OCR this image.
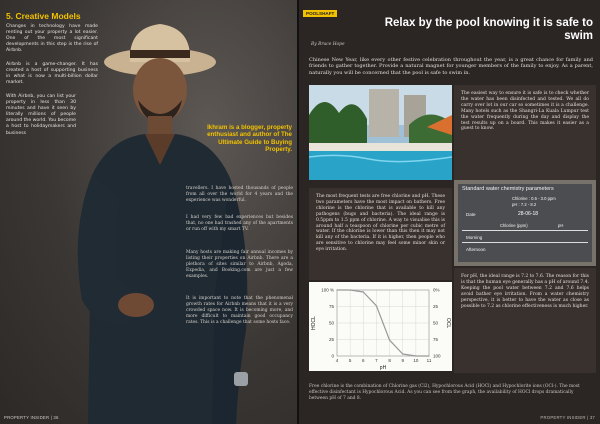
5. Creative Models
Changes in technology have made renting out your property a lot easier. One of the most significant developments in this step is the rise of Airbnb.
Airbnb is a game-changer. It has created a host of supporting business in what is now a multi-billion dollar market.
With Airbnb, you can list your property in less than 30 minutes and have it seen by literally millions of people around the world. You become a host to holidaymakers and business
Ikhram is a blogger, property enthusiast and author of The Ultimate Guide to Buying Property.
travellers. I have hosted thousands of people from all over the world for 4 years and the experience was wonderful.
I had very few bad experiences but besides that, no one had trashed any of the apartments or run off with my smart TV.
Many hosts are making fair annual incomes by listing their properties on Airbnb. There are a plethora of sites similar to Airbnb, Agoda, Expedia, and Booking.com are just a few examples.
It is important to note that the phenomenal growth rates for Airbnb means that it is a very crowded space now. It is becoming more, and more difficult to maintain good occupancy rates. This is a challenge that some hosts face.
PROPERTY INSIDER | 36
POOLSHAFT
Relax by the pool knowing it is safe to swim
By Bruce Hope
Chinese New Year, like every other festive celebration throughout the year, is a great chance for family and friends to gather together. Provide a natural magnet for younger members of the family to enjoy. As a parent, naturally you will be concerned that the pool is safe to swim in.
The easiest way to ensure it is safe is to check whether the water has been disinfected and tested. We all do carry over lot in our car so sometimes it is a challenge. Many hotels such as the Shangri-La Kuala Lumpur test the water frequently during the day and display the test results up on a board. This makes it easier as a guest to know.
The most frequent tests are free chlorine and pH. These two parameters have the most impact on bathers. Free chlorine is the chlorine that is available to kill any pathogens (bugs and bacteria). The ideal range is 0.5ppm to 1.5 ppm of chlorine. A way to visualise this is around half a teaspoon of chlorine per cubic metre of water. If the chlorine is lower than this then it may not kill any of the bacteria. If it is higher, then people who are sensitive to chlorine may feel some minor skin or eye irritation.
Standard water chemistry parameters
Chlorine : 0.5 - 3.0 ppm
pH : 7.2 - 8.2
Date	28-06-18
Chlorine (ppm)	pH
Morning
Afternoon
For pH, the ideal range is 7.2 to 7.6. The reason for this is that the human eye generally has a pH of around 7.4. Keeping the pool water between 7.2 and 7.6 helps avoid bather eye irritation. From a water chemistry perspective, it is better to have the water as close as possible to 7.2 as chlorine effectiveness is much higher.
4 5 6 7 8 9 10 11
100 %
75
50
25
0
0%
25
50
75
100
pH
HOCL	OCL
Free chlorine is the combination of Chlorine gas (Cl2), Hypochlorous Acid (HOCl) and Hypochlorite ions (OCl-). The most effective disinfectant is Hypochlorous Acid. As you can see from the graph, the availability of HOCl drops dramatically between pH of 7 and 8.
PROPERTY INSIDER | 37
